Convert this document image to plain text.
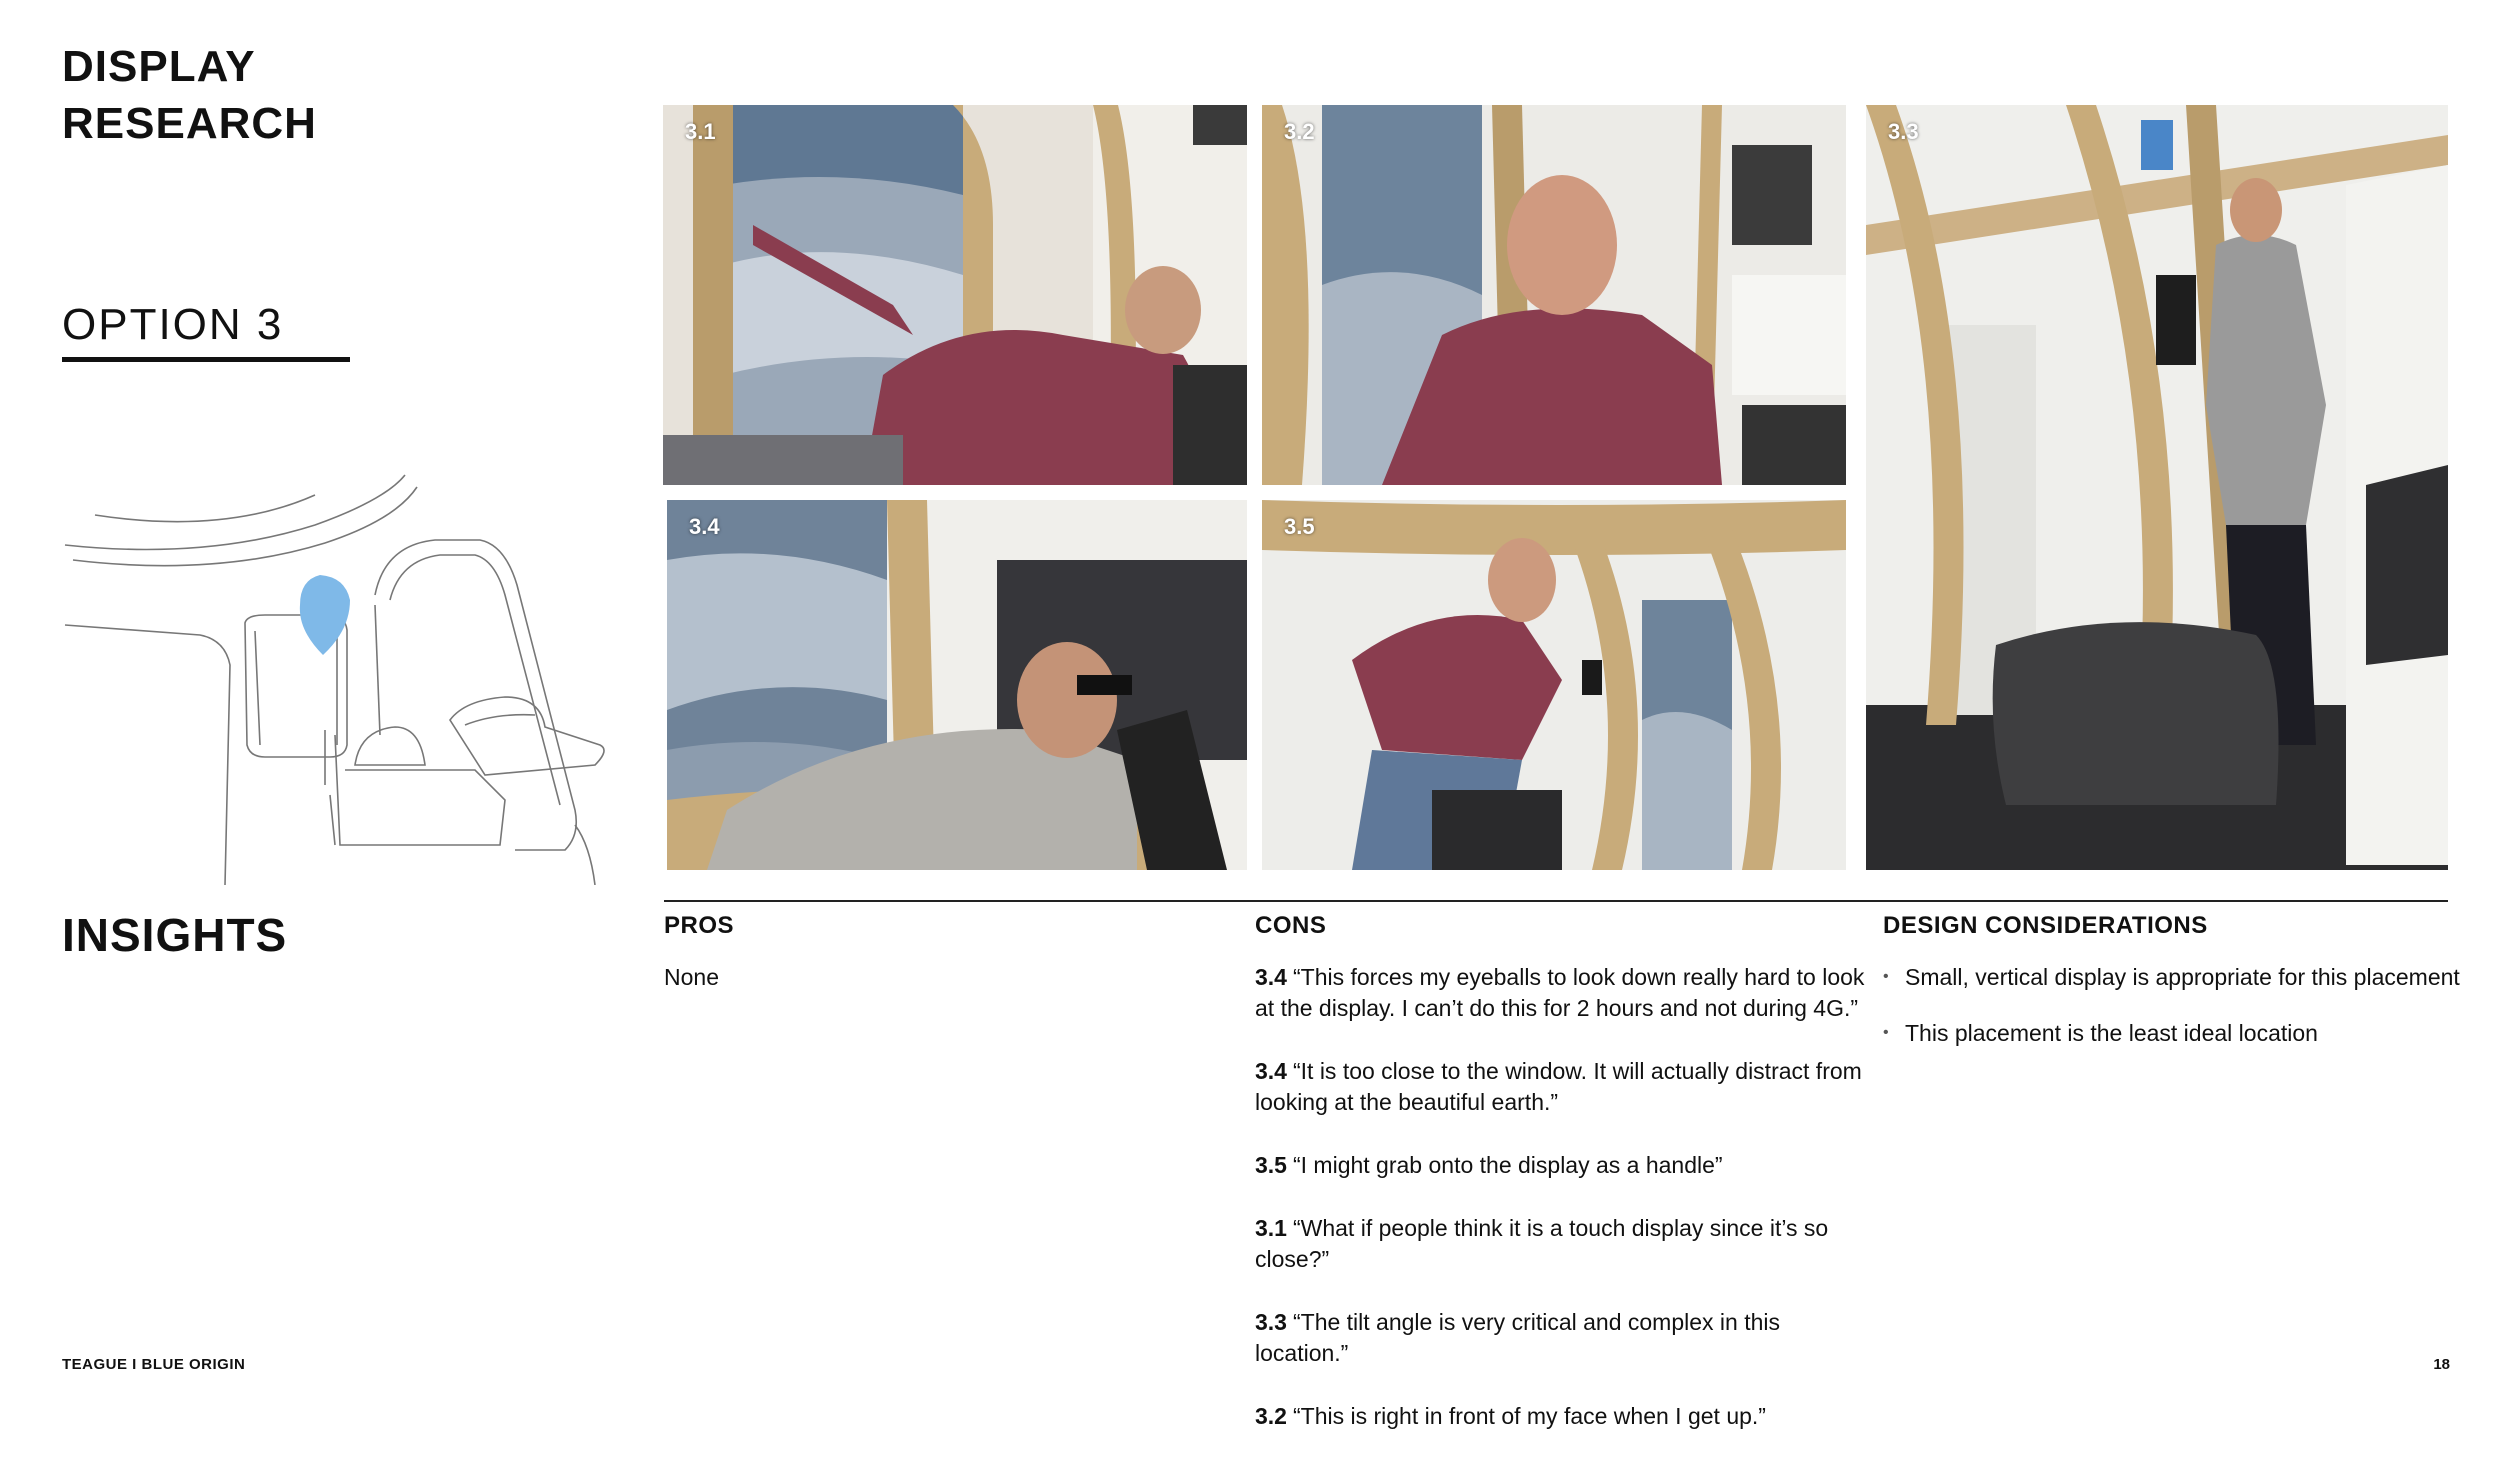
DISPLAY
RESEARCH
OPTION 3
INSIGHTS
3.1	3.2	3.3
3.4	3.5
PROS
None
CONS
3.4 “This forces my eyeballs to look down really hard to look at the display. I can’t do this for 2 hours and not during 4G.”
3.4 “It is too close to the window. It will actually distract from looking at the beautiful earth.”
3.5 “I might grab onto the display as a handle”
3.1 “What if people think it is a touch display since it’s so close?”
3.3 “The tilt angle is very critical and complex in this location.”
3.2 “This is right in front of my face when I get up.”
DESIGN CONSIDERATIONS
• Small, vertical display is appropriate for this placement
• This placement is the least ideal location
TEAGUE I BLUE ORIGIN	18
